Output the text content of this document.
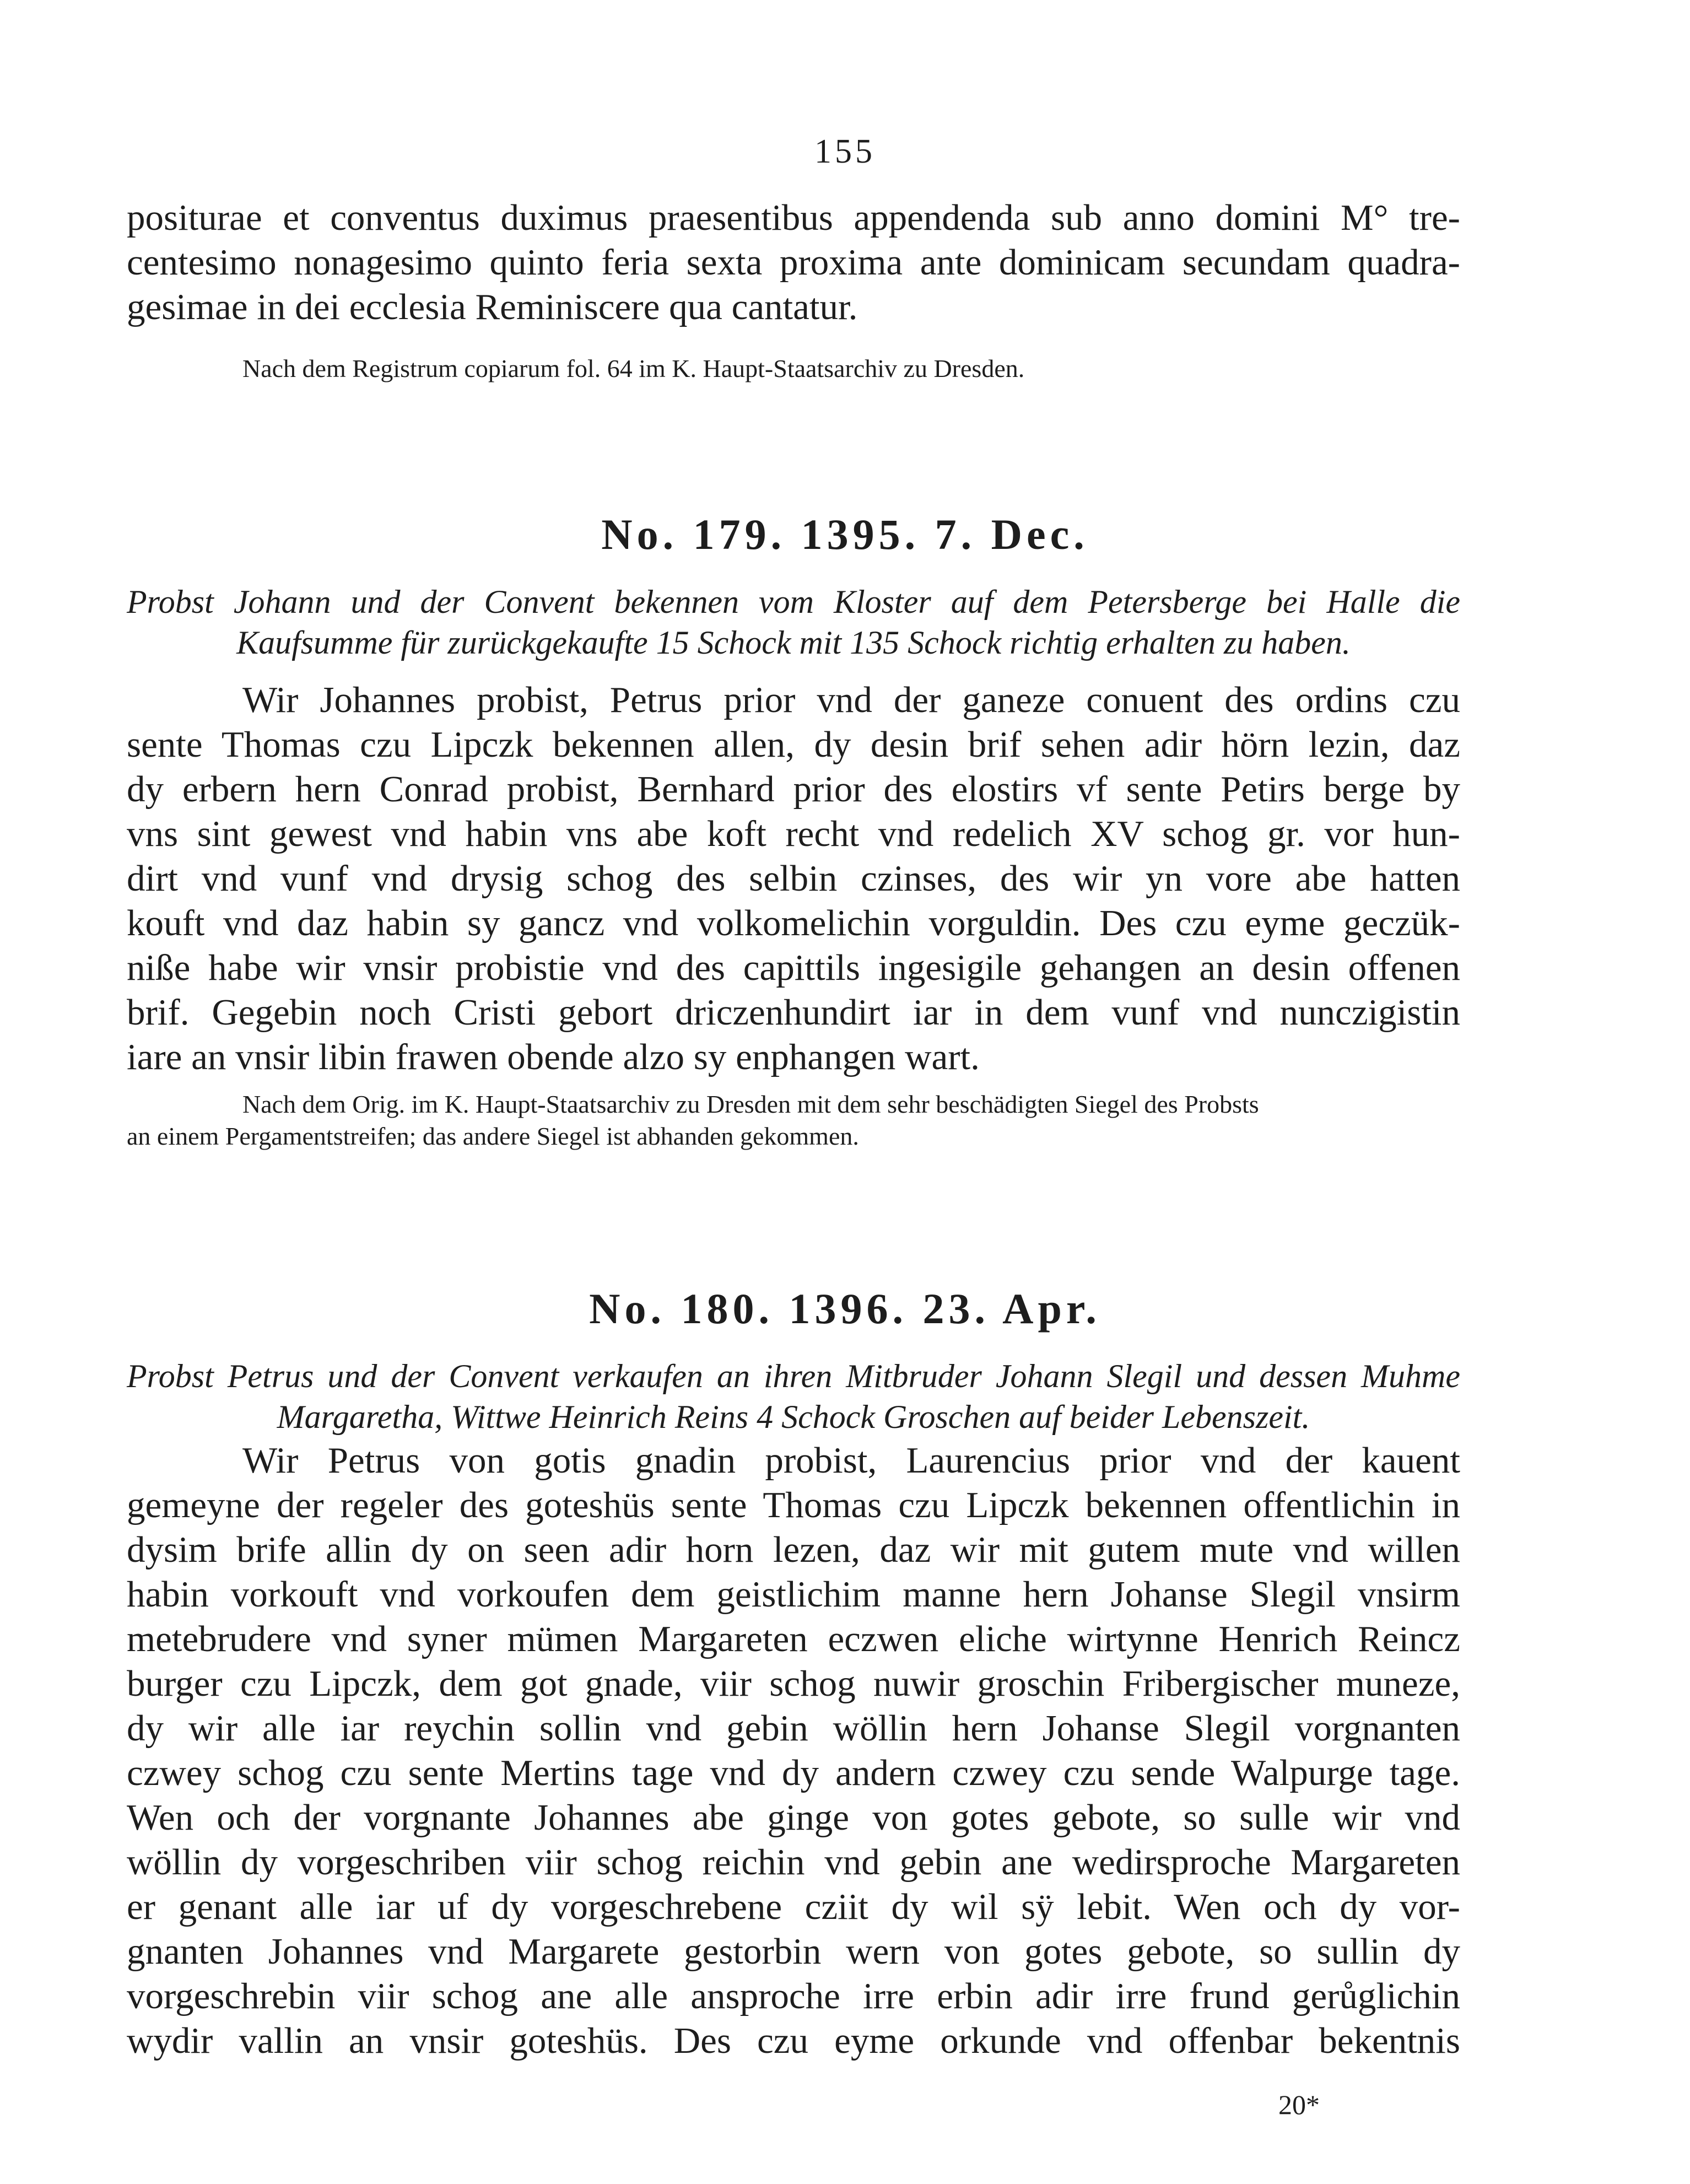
155

positurae et conventus duximus praesentibus appendenda sub anno domini M° tre-
centesimo nonagesimo quinto feria sexta proxima ante dominicam secundam quadra-
gesimae in dei ecclesia Reminiscere qua cantatur.

Nach dem Registrum copiarum fol. 64 im K. Haupt-Staatsarchiv zu Dresden.

No. 179. 1395. 7. Dec.

Probst Johann und der Convent bekennen vom Kloster auf dem Petersberge bei Halle die
Kaufsumme für zurückgekaufte 15 Schock mit 135 Schock richtig erhalten zu haben.

Wir Johannes probist, Petrus prior vnd der ganeze conuent des ordins czu
sente Thomas czu Lipczk bekennen allen, dy desin brif sehen adir hörn lezin, daz
dy erbern hern Conrad probist, Bernhard prior des elostirs vf sente Petirs berge by
vns sint gewest vnd habin vns abe koft recht vnd redelich XV schog gr. vor hun-
dirt vnd vunf vnd drysig schog des selbin czinses, des wir yn vore abe hatten
kouft vnd daz habin sy gancz vnd volkomelichin vorguldin. Des czu eyme geczük-
niße habe wir vnsir probistie vnd des capittils ingesigile gehangen an desin offenen
brif. Gegebin noch Cristi gebort driczenhundirt iar in dem vunf vnd nunczigistin
iare an vnsir libin frawen obende alzo sy enphangen wart.

Nach dem Orig. im K. Haupt-Staatsarchiv zu Dresden mit dem sehr beschädigten Siegel des Probsts
an einem Pergamentstreifen; das andere Siegel ist abhanden gekommen.

No. 180. 1396. 23. Apr.

Probst Petrus und der Convent verkaufen an ihren Mitbruder Johann Slegil und dessen Muhme
Margaretha, Wittwe Heinrich Reins 4 Schock Groschen auf beider Lebenszeit.

Wir Petrus von gotis gnadin probist, Laurencius prior vnd der kauent
gemeyne der regeler des goteshüs sente Thomas czu Lipczk bekennen offentlichin in
dysim brife allin dy on seen adir horn lezen, daz wir mit gutem mute vnd willen
habin vorkouft vnd vorkoufen dem geistlichim manne hern Johanse Slegil vnsirm
metebrudere vnd syner mümen Margareten eczwen eliche wirtynne Henrich Reincz
burger czu Lipczk, dem got gnade, viir schog nuwir groschin Fribergischer muneze,
dy wir alle iar reychin sollin vnd gebin wöllin hern Johanse Slegil vorgnanten
czwey schog czu sente Mertins tage vnd dy andern czwey czu sende Walpurge tage.
Wen och der vorgnante Johannes abe ginge von gotes gebote, so sulle wir vnd
wöllin dy vorgeschriben viir schog reichin vnd gebin ane wedirsproche Margareten
er genant alle iar uf dy vorgeschrebene cziit dy wil sÿ lebit. Wen och dy vor-
gnanten Johannes vnd Margarete gestorbin wern von gotes gebote, so sullin dy
vorgeschrebin viir schog ane alle ansproche irre erbin adir irre frund gerůglichin
wydir vallin an vnsir goteshüs. Des czu eyme orkunde vnd offenbar bekentnis

20*
